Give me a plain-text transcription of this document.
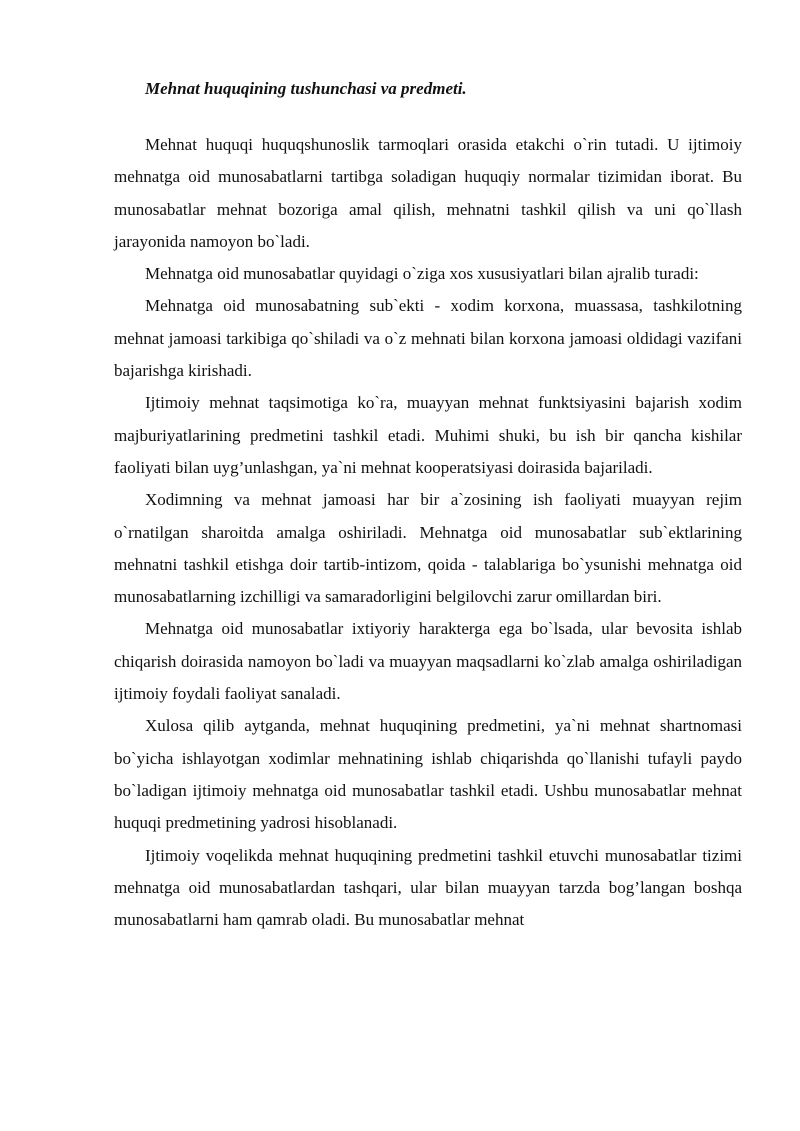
Mehnat huquqining tushunchasi va predmeti.

Mehnat huquqi huquqshunoslik tarmoqlari orasida etakchi o`rin tutadi. U ijtimoiy mehnatga oid munosabatlarni tartibga soladigan huquqiy normalar tizimidan iborat. Bu munosabatlar mehnat bozoriga amal qilish, mehnatni tashkil qilish va uni qo`llash jarayonida namoyon bo`ladi.

Mehnatga oid munosabatlar quyidagi o`ziga xos xususiyatlari bilan ajralib turadi:

Mehnatga oid munosabatning sub`ekti - xodim korxona, muassasa, tashkilotning mehnat jamoasi tarkibiga qo`shiladi va o`z mehnati bilan korxona jamoasi oldidagi vazifani bajarishga kirishadi.

Ijtimoiy mehnat taqsimotiga ko`ra, muayyan mehnat funktsiyasini bajarish xodim majburiyatlarining predmetini tashkil etadi. Muhimi shuki, bu ish bir qancha kishilar faoliyati bilan uyg’unlashgan, ya`ni mehnat kooperatsiyasi doirasida bajariladi.

Xodimning va mehnat jamoasi har bir a`zosining ish faoliyati muayyan rejim o`rnatilgan sharoitda amalga oshiriladi. Mehnatga oid munosabatlar sub`ektlarining mehnatni tashkil etishga doir tartib-intizom, qoida - talablariga bo`ysunishi mehnatga oid munosabatlarning izchilligi va samaradorligini belgilovchi zarur omillardan biri.

Mehnatga oid munosabatlar ixtiyoriy harakterga ega bo`lsada, ular bevosita ishlab chiqarish doirasida namoyon bo`ladi va muayyan maqsadlarni ko`zlab amalga oshiriladigan ijtimoiy foydali faoliyat sanaladi.

Xulosa qilib aytganda, mehnat huquqining predmetini, ya`ni mehnat shartnomasi bo`yicha ishlayotgan xodimlar mehnatining ishlab chiqarishda qo`llanishi tufayli paydo bo`ladigan ijtimoiy mehnatga oid munosabatlar tashkil etadi. Ushbu munosabatlar mehnat huquqi predmetining yadrosi hisoblanadi.

Ijtimoiy voqelikda mehnat huquqining predmetini tashkil etuvchi munosabatlar tizimi mehnatga oid munosabatlardan tashqari, ular bilan muayyan tarzda bog’langan boshqa munosabatlarni ham qamrab oladi. Bu munosabatlar mehnat
